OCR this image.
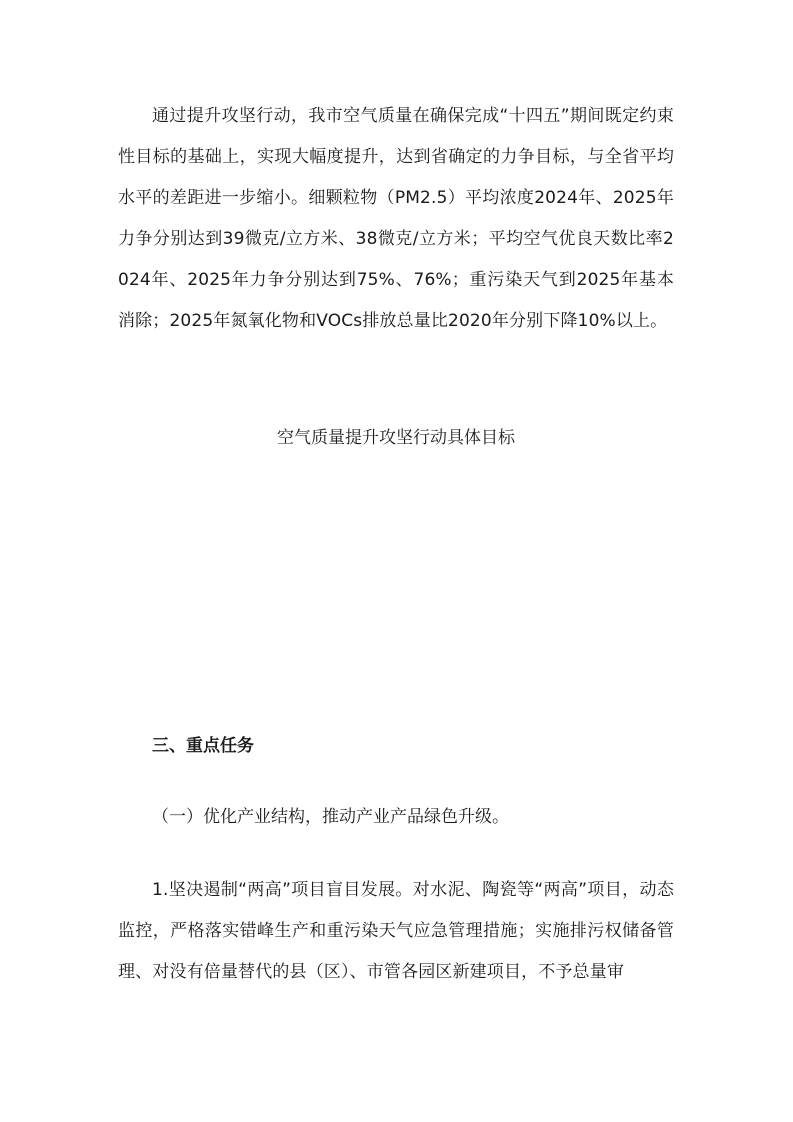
通过提升攻坚行动，我市空气质量在确保完成“十四五”期间既定约束性目标的基础上，实现大幅度提升，达到省确定的力争目标，与全省平均水平的差距进一步缩小。细颗粒物（PM2.5）平均浓度2024年、2025年力争分别达到39微克/立方米、38微克/立方米；平均空气优良天数比率2024年、2025年力争分别达到75%、76%；重污染天气到2025年基本消除；2025年氮氧化物和VOCs排放总量比2020年分别下降10%以上。

空气质量提升攻坚行动具体目标

三、重点任务

（一）优化产业结构，推动产业产品绿色升级。

1.坚决遏制“两高”项目盲目发展。对水泥、陶瓷等“两高”项目，动态监控，严格落实错峰生产和重污染天气应急管理措施；实施排污权储备管理、对没有倍量替代的县（区）、市管各园区新建项目，不予总量审
